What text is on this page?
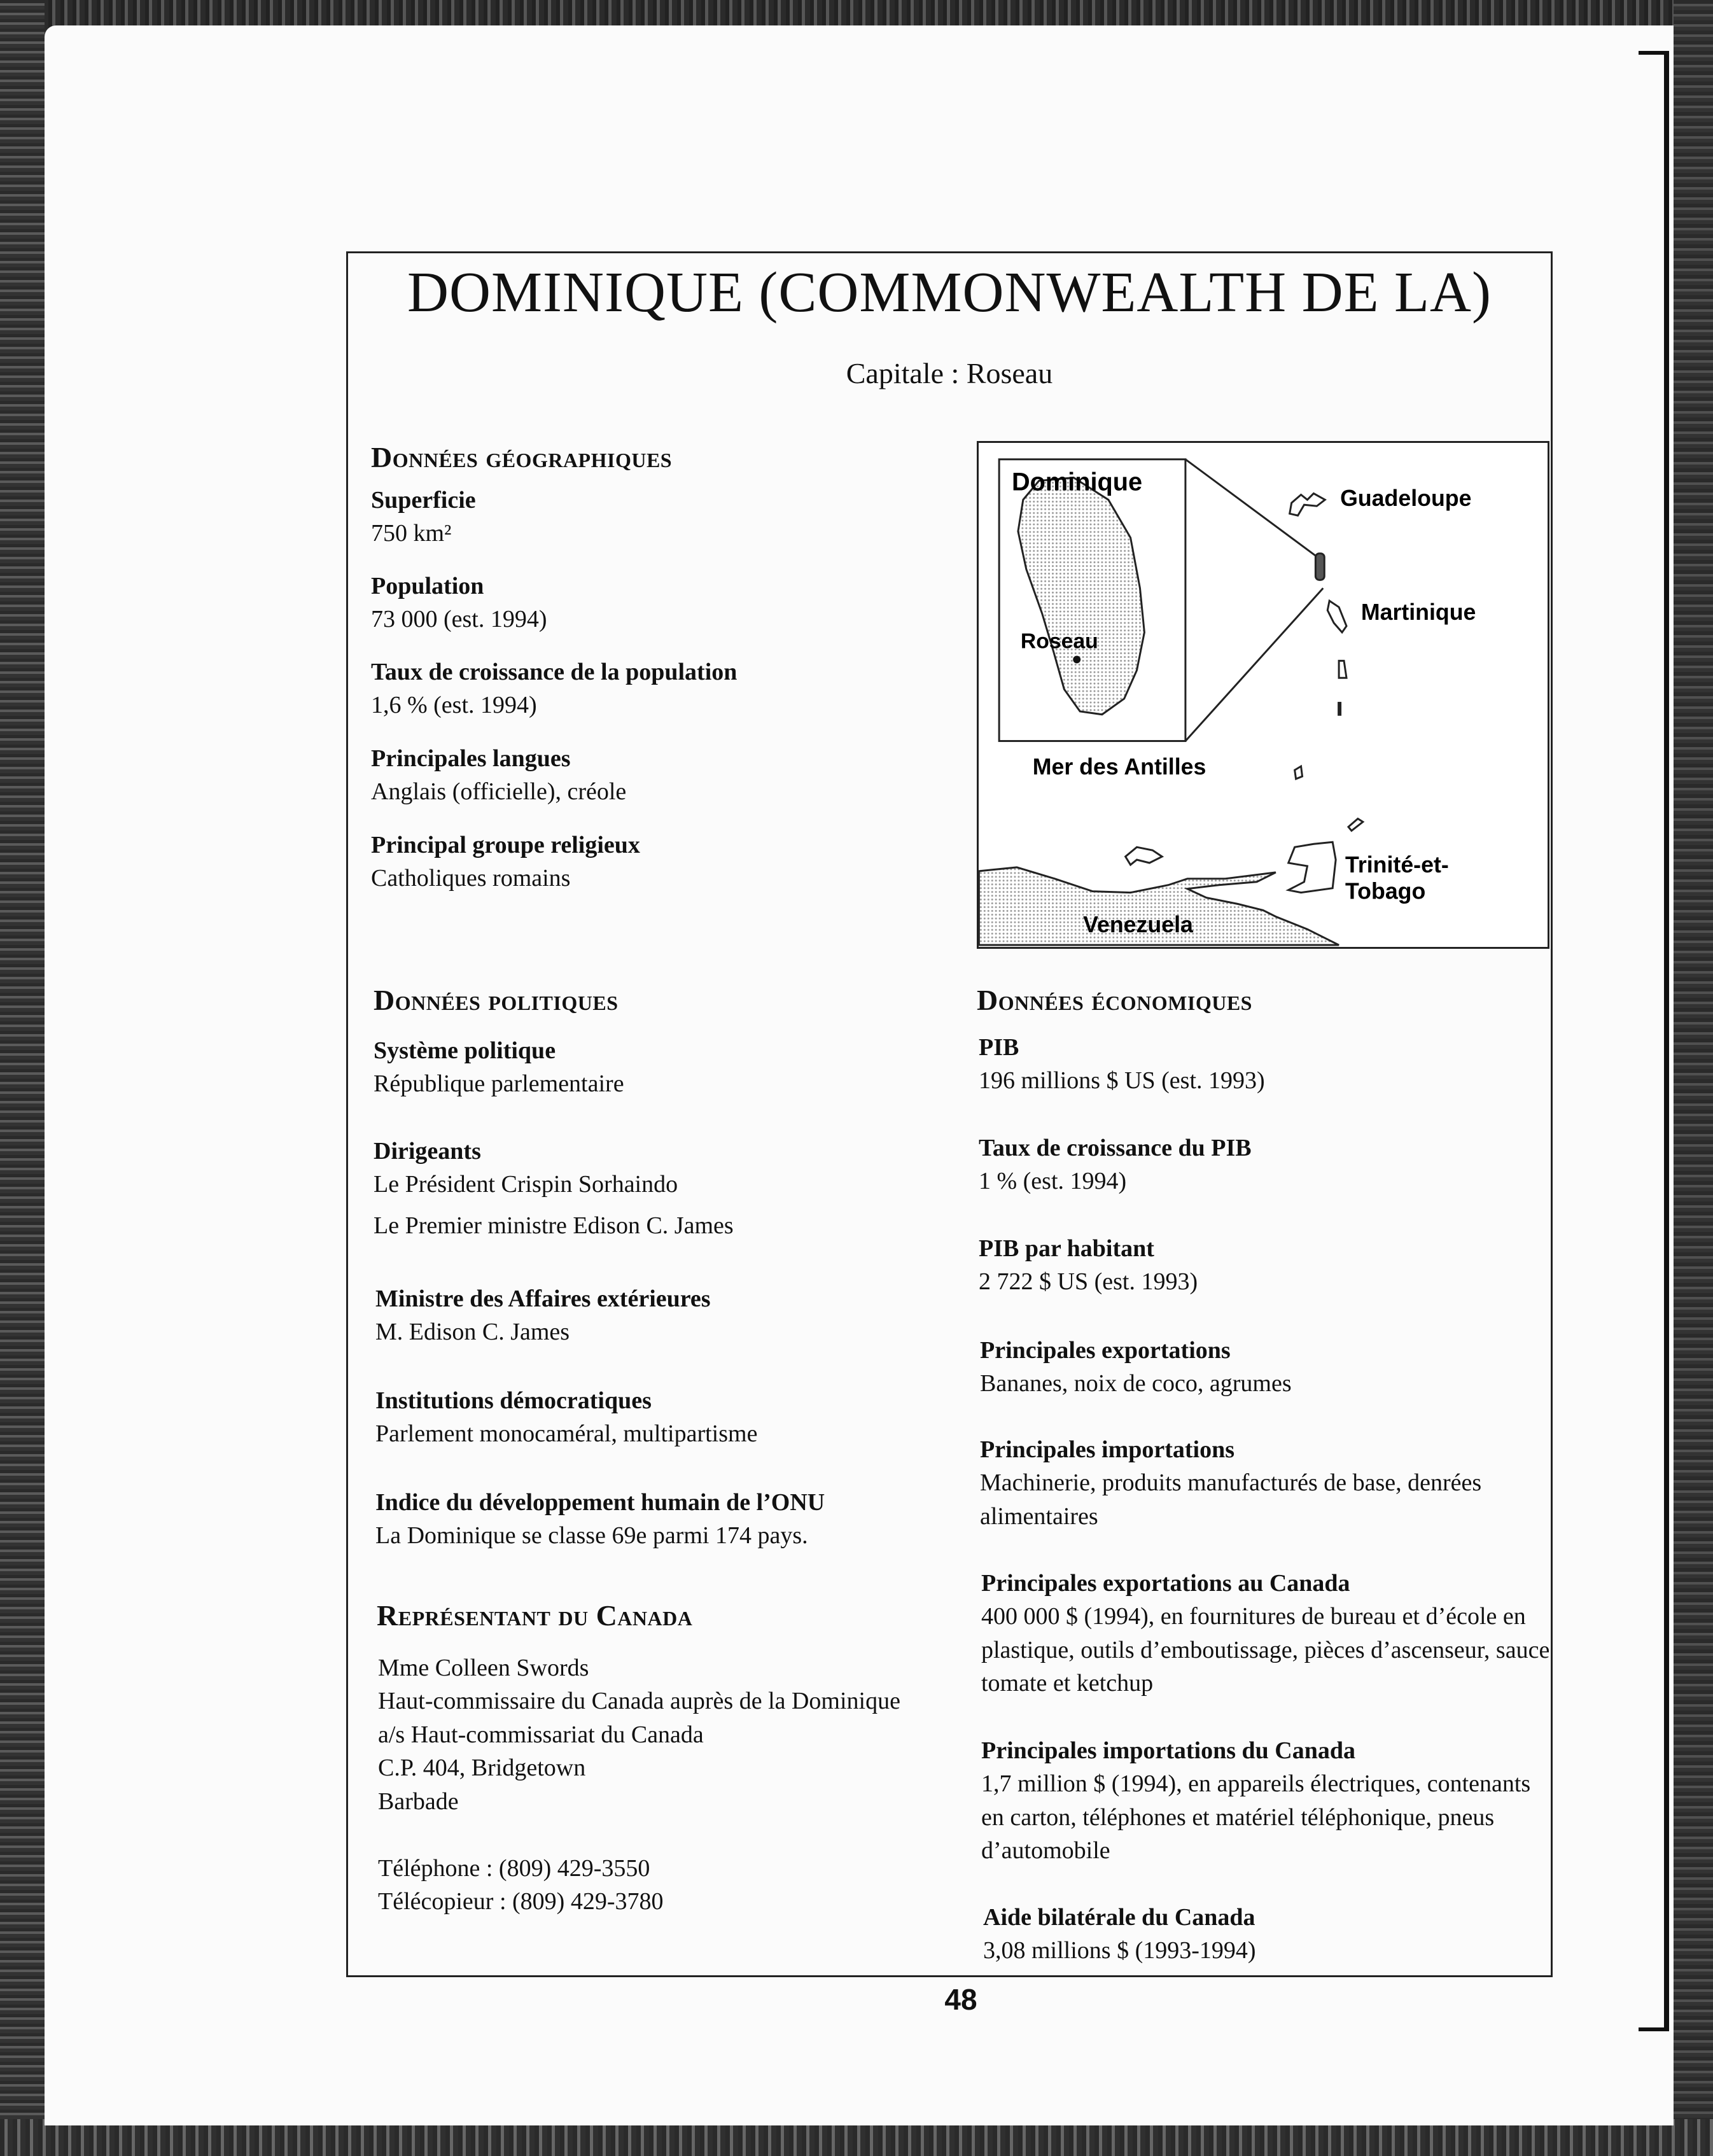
DOMINIQUE (COMMONWEALTH DE LA)
Capitale : Roseau
Données géographiques
Superficie
750 km²
Population
73 000 (est. 1994)
Taux de croissance de la population
1,6 % (est. 1994)
Principales langues
Anglais (officielle), créole
Principal groupe religieux
Catholiques romains
Dominique
Roseau
Guadeloupe
Martinique
Mer des Antilles
Venezuela
Trinité-et-
Tobago
Données politiques
Système politique
République parlementaire
Dirigeants
Le Président Crispin Sorhaindo
Le Premier ministre Edison C. James
Ministre des Affaires extérieures
M. Edison C. James
Institutions démocratiques
Parlement monocaméral, multipartisme
Indice du développement humain de l’ONU
La Dominique se classe 69e parmi 174 pays.
Représentant du Canada
Mme Colleen Swords
Haut-commissaire du Canada auprès de la Dominique
a/s Haut-commissariat du Canada
C.P. 404, Bridgetown
Barbade
Téléphone : (809) 429-3550
Télécopieur : (809) 429-3780
Données économiques
PIB
196 millions $ US (est. 1993)
Taux de croissance du PIB
1 % (est. 1994)
PIB par habitant
2 722 $ US (est. 1993)
Principales exportations
Bananes, noix de coco, agrumes
Principales importations
Machinerie, produits manufacturés de base, denrées alimentaires
Principales exportations au Canada
400 000 $ (1994), en fournitures de bureau et d’école en plastique, outils d’emboutissage, pièces d’ascenseur, sauce tomate et ketchup
Principales importations du Canada
1,7 million $ (1994), en appareils électriques, contenants en carton, téléphones et matériel téléphonique, pneus d’automobile
Aide bilatérale du Canada
3,08 millions $ (1993-1994)
48
